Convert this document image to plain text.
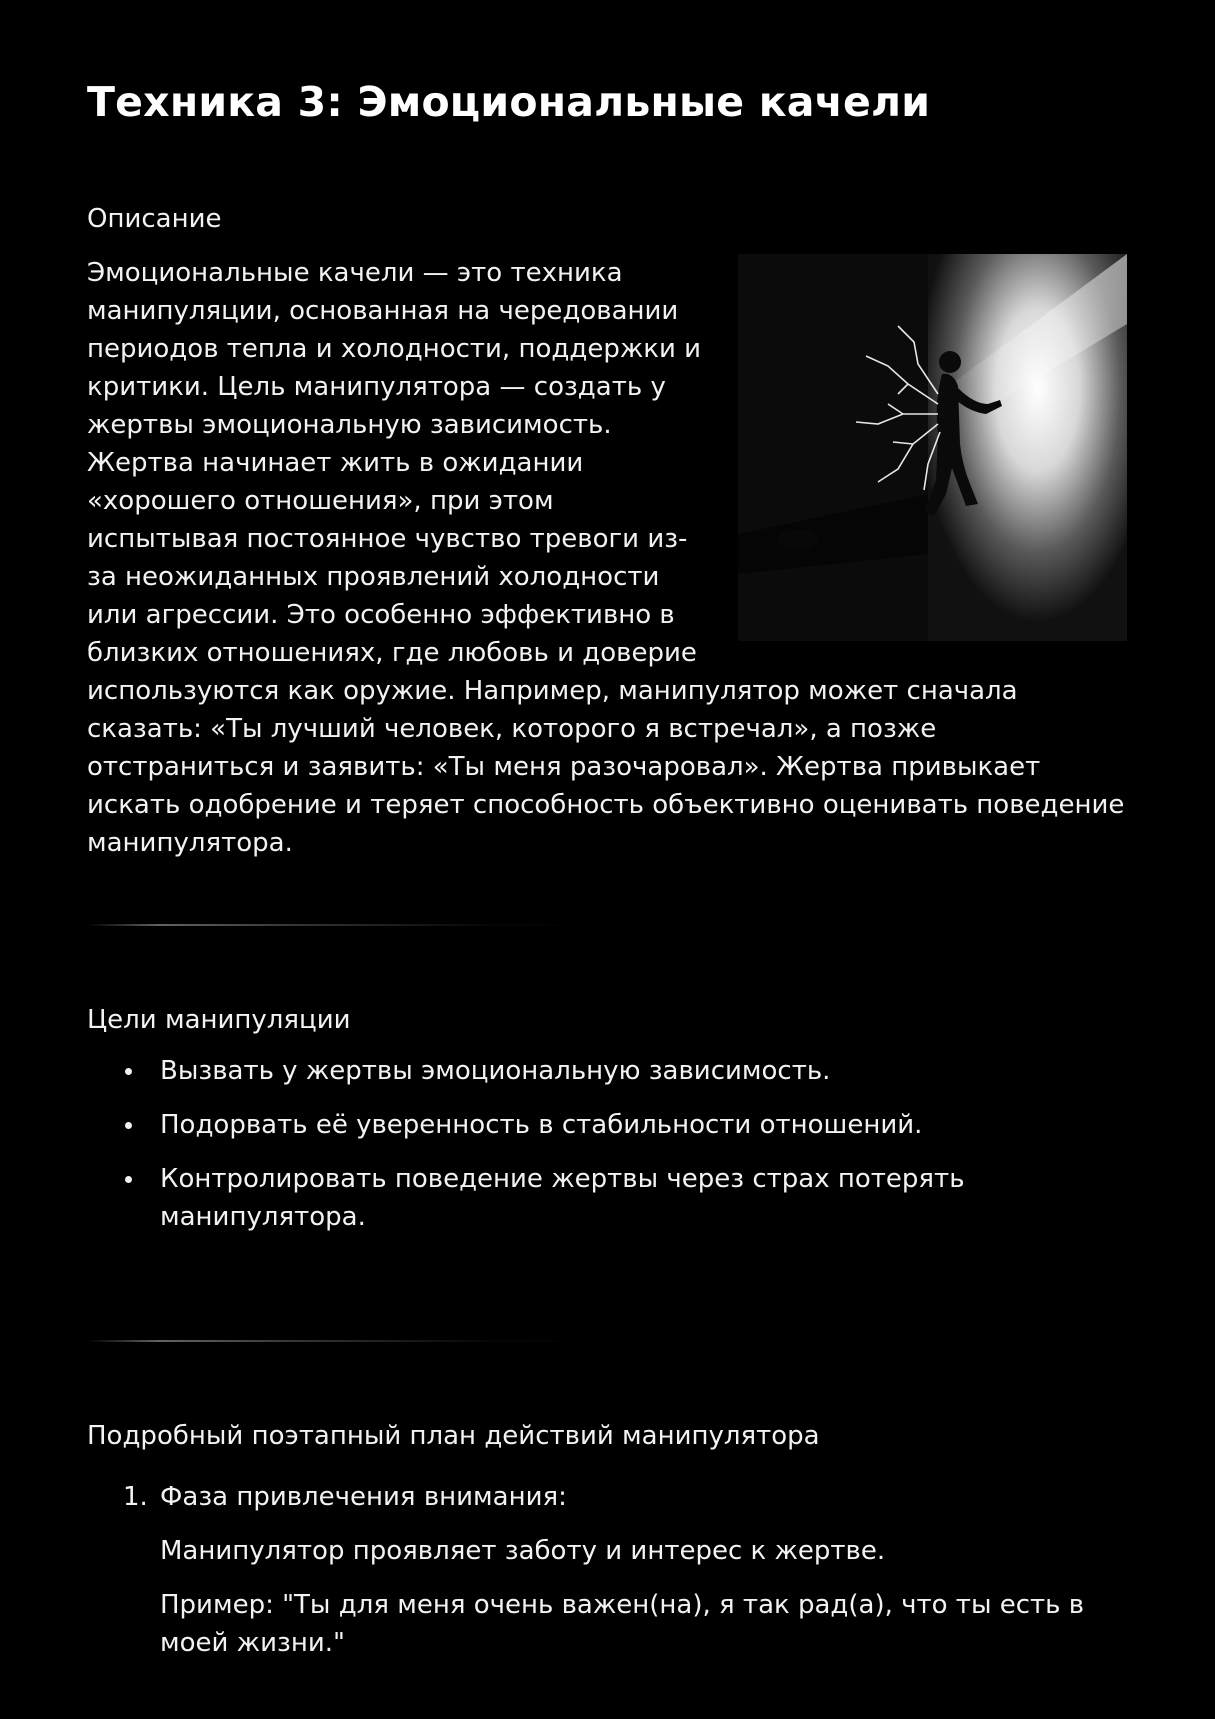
Техника 3: Эмоциональные качели
Описание

Эмоциональные качели — это техника манипуляции, основанная на чередовании периодов тепла и холодности, поддержки и критики. Цель манипулятора — создать у жертвы эмоциональную зависимость. Жертва начинает жить в ожидании «хорошего отношения», при этом испытывая постоянное чувство тревоги из-за неожиданных проявлений холодности или агрессии. Это особенно эффективно в близких отношениях, где любовь и доверие используются как оружие. Например, манипулятор может сначала сказать: «Ты лучший человек, которого я встречал», а позже отстраниться и заявить: «Ты меня разочаровал». Жертва привыкает искать одобрение и теряет способность объективно оценивать поведение манипулятора.

Цели манипуляции
Вызвать у жертвы эмоциональную зависимость.
Подорвать её уверенность в стабильности отношений.
Контролировать поведение жертвы через страх потерять манипулятора.
Подробный поэтапный план действий манипулятора
1. Фаза привлечения внимания:
Манипулятор проявляет заботу и интерес к жертве.
Пример: "Ты для меня очень важен(на), я так рад(а), что ты есть в моей жизни."
